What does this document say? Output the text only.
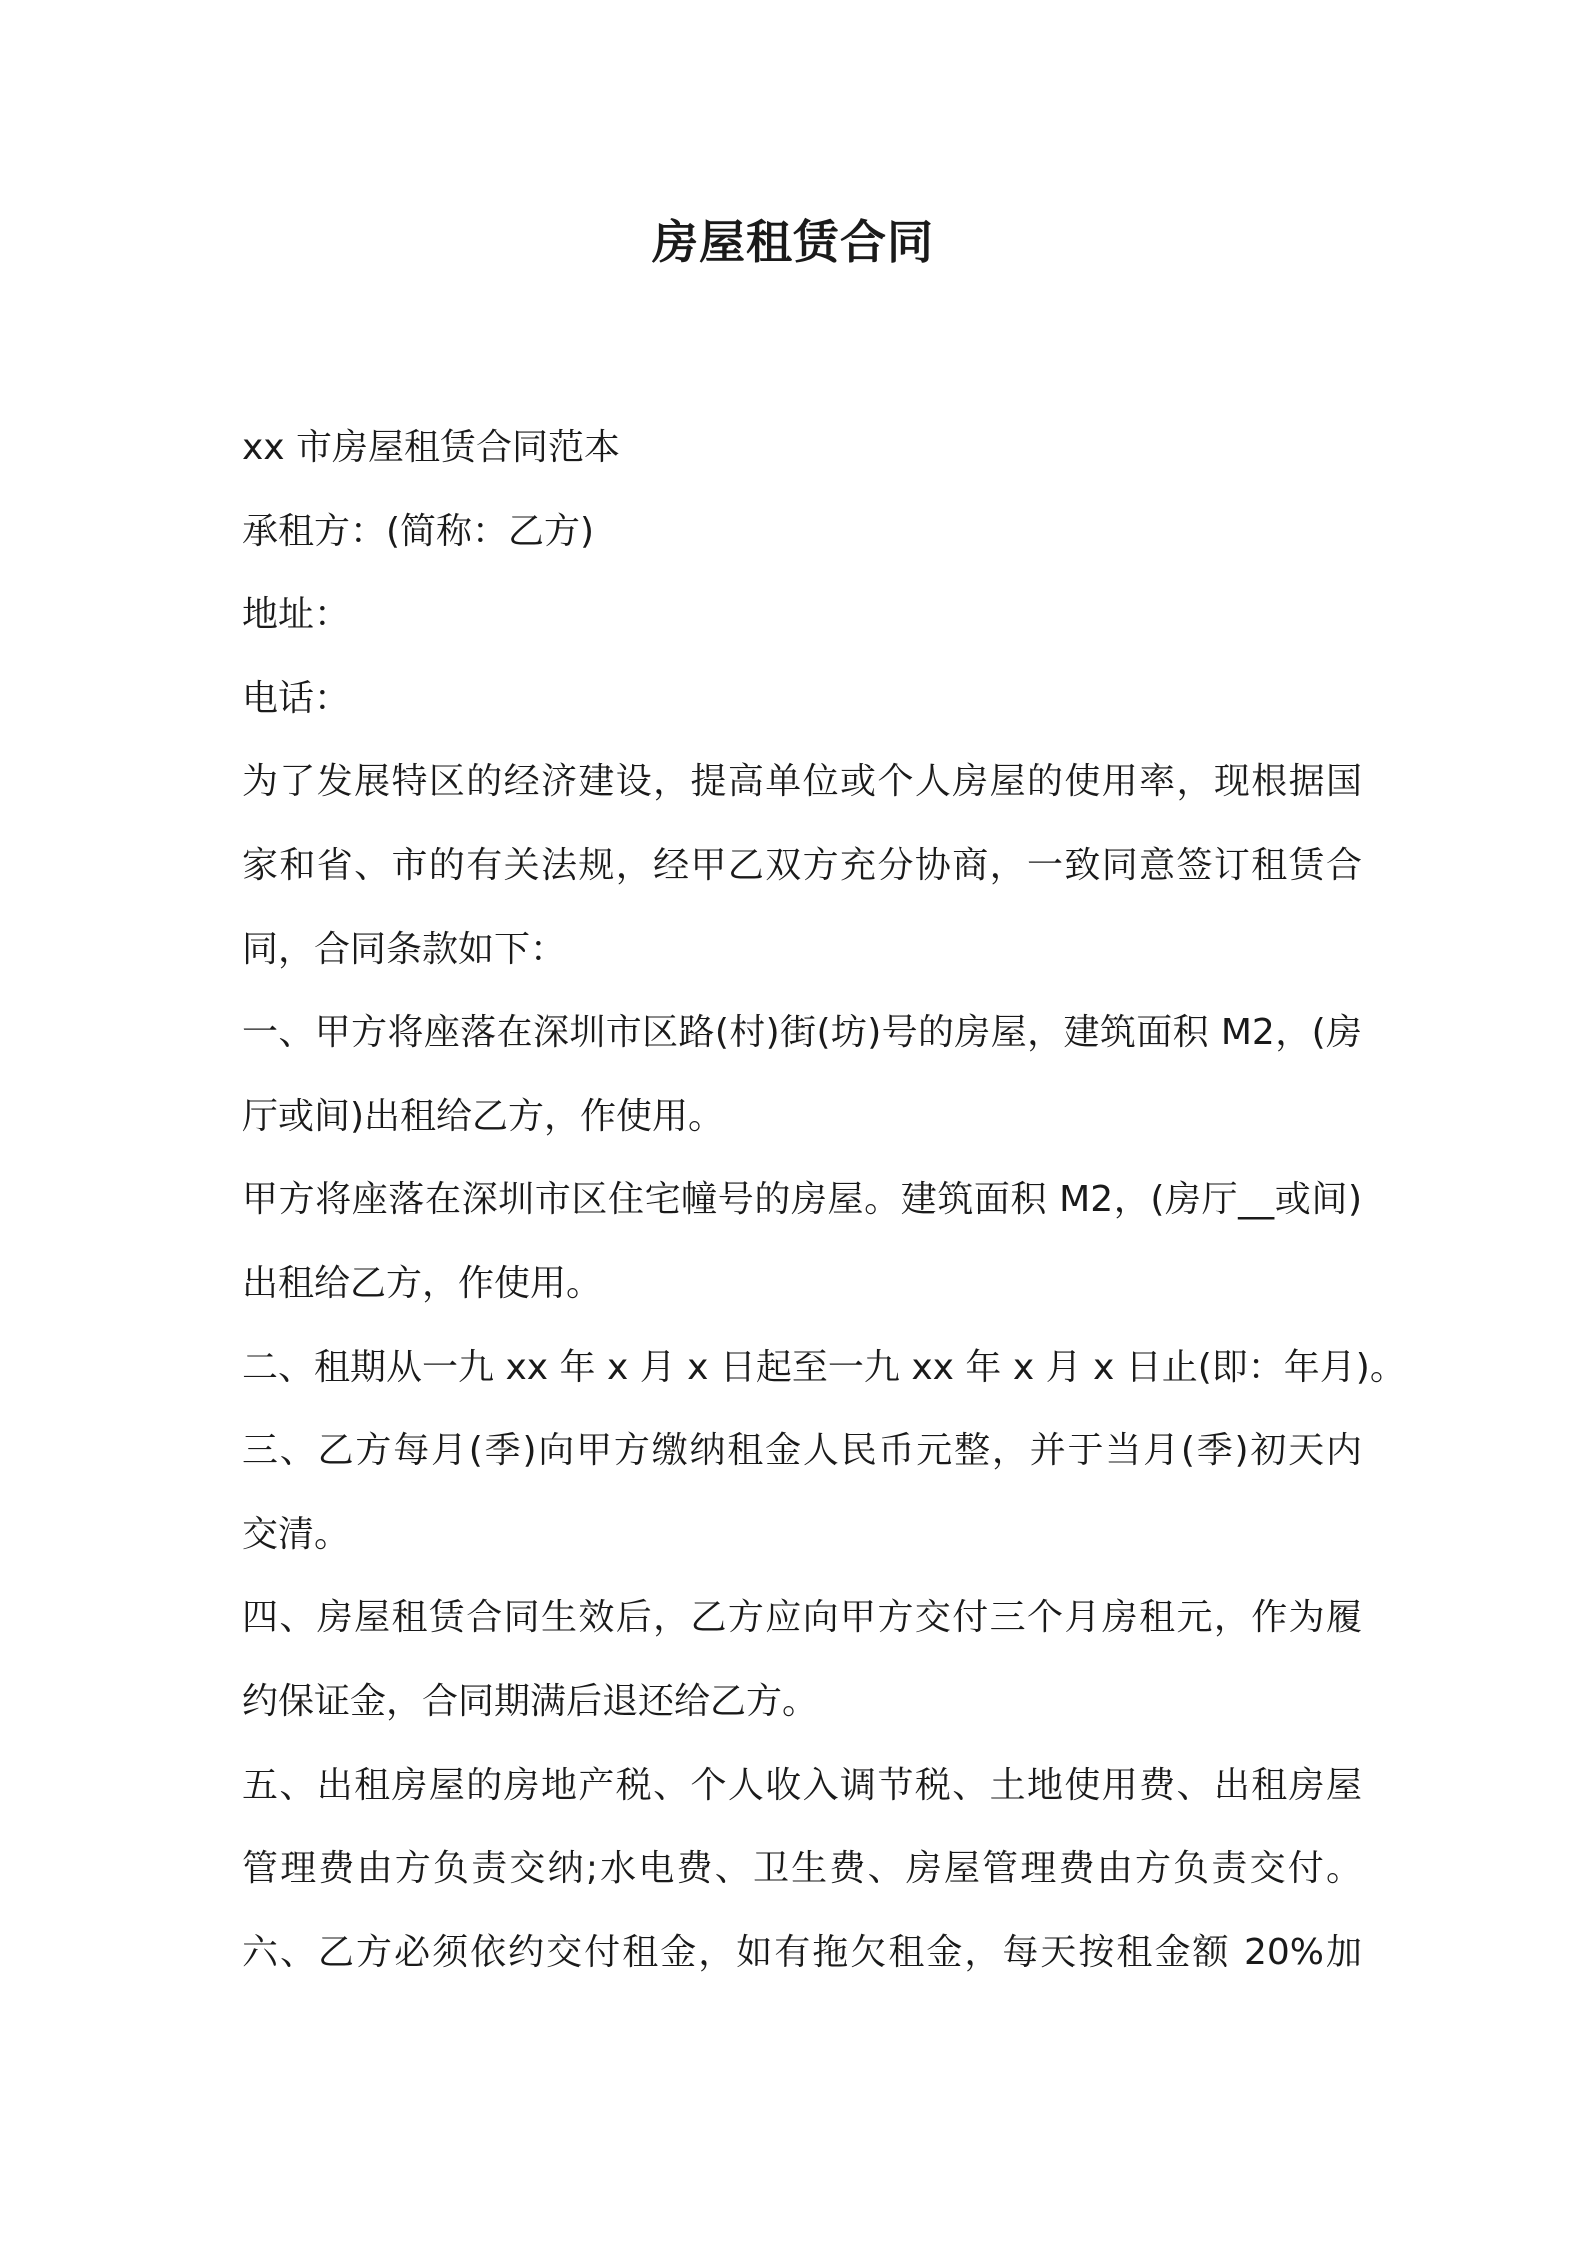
房屋租赁合同
xx 市房屋租赁合同范本
承租方：(简称：乙方)
地址：
电话：
为了发展特区的经济建设，提高单位或个人房屋的使用率，现根据国
家和省、市的有关法规，经甲乙双方充分协商，一致同意签订租赁合
同，合同条款如下：
一、甲方将座落在深圳市区路(村)街(坊)号的房屋，建筑面积 M2，(房
厅或间)出租给乙方，作使用。
甲方将座落在深圳市区住宅幢号的房屋。建筑面积 M2，(房厅__或间)
出租给乙方，作使用。
二、租期从一九 xx 年 x 月 x 日起至一九 xx 年 x 月 x 日止(即：年月)。
三、乙方每月(季)向甲方缴纳租金人民币元整，并于当月(季)初天内
交清。
四、房屋租赁合同生效后，乙方应向甲方交付三个月房租元，作为履
约保证金，合同期满后退还给乙方。
五、出租房屋的房地产税、个人收入调节税、土地使用费、出租房屋
管理费由方负责交纳;水电费、卫生费、房屋管理费由方负责交付。
六、乙方必须依约交付租金，如有拖欠租金，每天按租金额 20%加
